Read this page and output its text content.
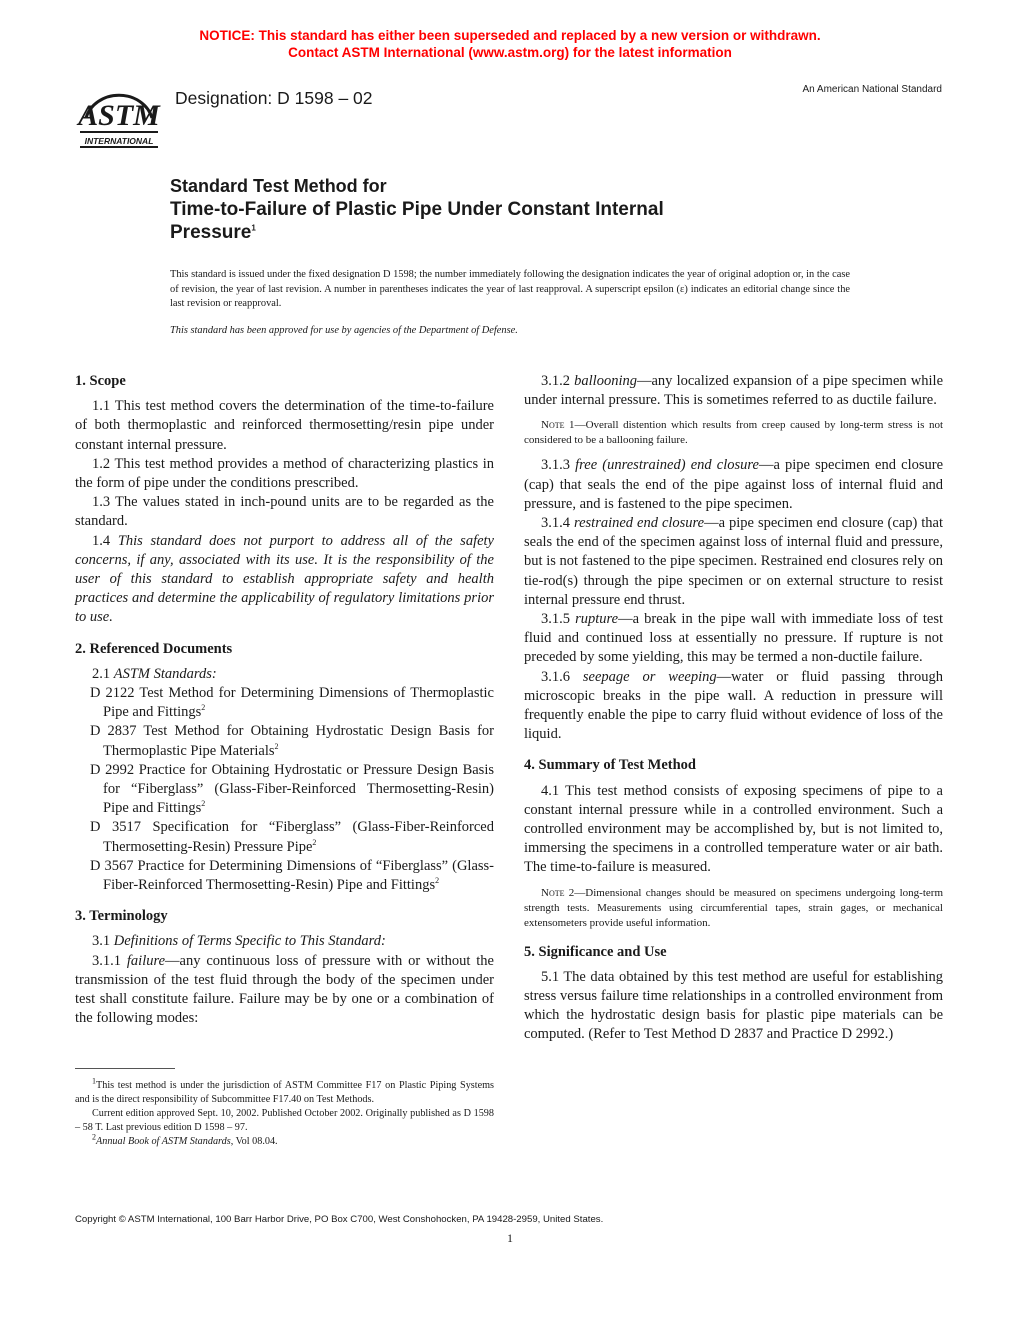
NOTICE: This standard has either been superseded and replaced by a new version or withdrawn.
Contact ASTM International (www.astm.org) for the latest information
ASTM
INTERNATIONAL
Designation: D 1598 – 02	An American National Standard
Standard Test Method for
Time-to-Failure of Plastic Pipe Under Constant Internal
Pressure$^1$
This standard is issued under the fixed designation D 1598; the number immediately following the designation indicates the year of original adoption or, in the case of revision, the year of last revision. A number in parentheses indicates the year of last reapproval. A superscript epsilon (ε) indicates an editorial change since the last revision or reapproval.
This standard has been approved for use by agencies of the Department of Defense.
1. Scope

1.1 This test method covers the determination of the time-to-failure of both thermoplastic and reinforced thermosetting/resin pipe under constant internal pressure.

1.2 This test method provides a method of characterizing plastics in the form of pipe under the conditions prescribed.

1.3 The values stated in inch-pound units are to be regarded as the standard.

1.4 This standard does not purport to address all of the safety concerns, if any, associated with its use. It is the responsibility of the user of this standard to establish appropriate safety and health practices and determine the applicability of regulatory limitations prior to use.

2. Referenced Documents

2.1 ASTM Standards:

D 2122 Test Method for Determining Dimensions of Thermoplastic Pipe and Fittings$^2$
D 2837 Test Method for Obtaining Hydrostatic Design Basis for Thermoplastic Pipe Materials$^2$
D 2992 Practice for Obtaining Hydrostatic or Pressure Design Basis for “Fiberglass” (Glass-Fiber-Reinforced Thermosetting-Resin) Pipe and Fittings$^2$
D 3517 Specification for “Fiberglass” (Glass-Fiber-Reinforced Thermosetting-Resin) Pressure Pipe$^2$
D 3567 Practice for Determining Dimensions of “Fiberglass” (Glass-Fiber-Reinforced Thermosetting-Resin) Pipe and Fittings$^2$
3. Terminology

3.1 Definitions of Terms Specific to This Standard:

3.1.1 failure—any continuous loss of pressure with or without the transmission of the test fluid through the body of the specimen under test shall constitute failure. Failure may be by one or a combination of the following modes:

$^1$This test method is under the jurisdiction of ASTM Committee F17 on Plastic Piping Systems and is the direct responsibility of Subcommittee F17.40 on Test Methods.

Current edition approved Sept. 10, 2002. Published October 2002. Originally published as D 1598 – 58 T. Last previous edition D 1598 – 97.

$^2$Annual Book of ASTM Standards, Vol 08.04.

3.1.2 ballooning—any localized expansion of a pipe specimen while under internal pressure. This is sometimes referred to as ductile failure.

Note 1—Overall distention which results from creep caused by long-term stress is not considered to be a ballooning failure.

3.1.3 free (unrestrained) end closure—a pipe specimen end closure (cap) that seals the end of the pipe against loss of internal fluid and pressure, and is fastened to the pipe specimen.

3.1.4 restrained end closure—a pipe specimen end closure (cap) that seals the end of the specimen against loss of internal fluid and pressure, but is not fastened to the pipe specimen. Restrained end closures rely on tie-rod(s) through the pipe specimen or on external structure to resist internal pressure end thrust.

3.1.5 rupture—a break in the pipe wall with immediate loss of test fluid and continued loss at essentially no pressure. If rupture is not preceded by some yielding, this may be termed a non-ductile failure.

3.1.6 seepage or weeping—water or fluid passing through microscopic breaks in the pipe wall. A reduction in pressure will frequently enable the pipe to carry fluid without evidence of loss of the liquid.

4. Summary of Test Method

4.1 This test method consists of exposing specimens of pipe to a constant internal pressure while in a controlled environment. Such a controlled environment may be accomplished by, but is not limited to, immersing the specimens in a controlled temperature water or air bath. The time-to-failure is measured.

Note 2—Dimensional changes should be measured on specimens undergoing long-term strength tests. Measurements using circumferential tapes, strain gages, or mechanical extensometers provide useful information.

5. Significance and Use

5.1 The data obtained by this test method are useful for establishing stress versus failure time relationships in a controlled environment from which the hydrostatic design basis for plastic pipe materials can be computed. (Refer to Test Method D 2837 and Practice D 2992.)

Copyright © ASTM International, 100 Barr Harbor Drive, PO Box C700, West Conshohocken, PA 19428-2959, United States.
1
